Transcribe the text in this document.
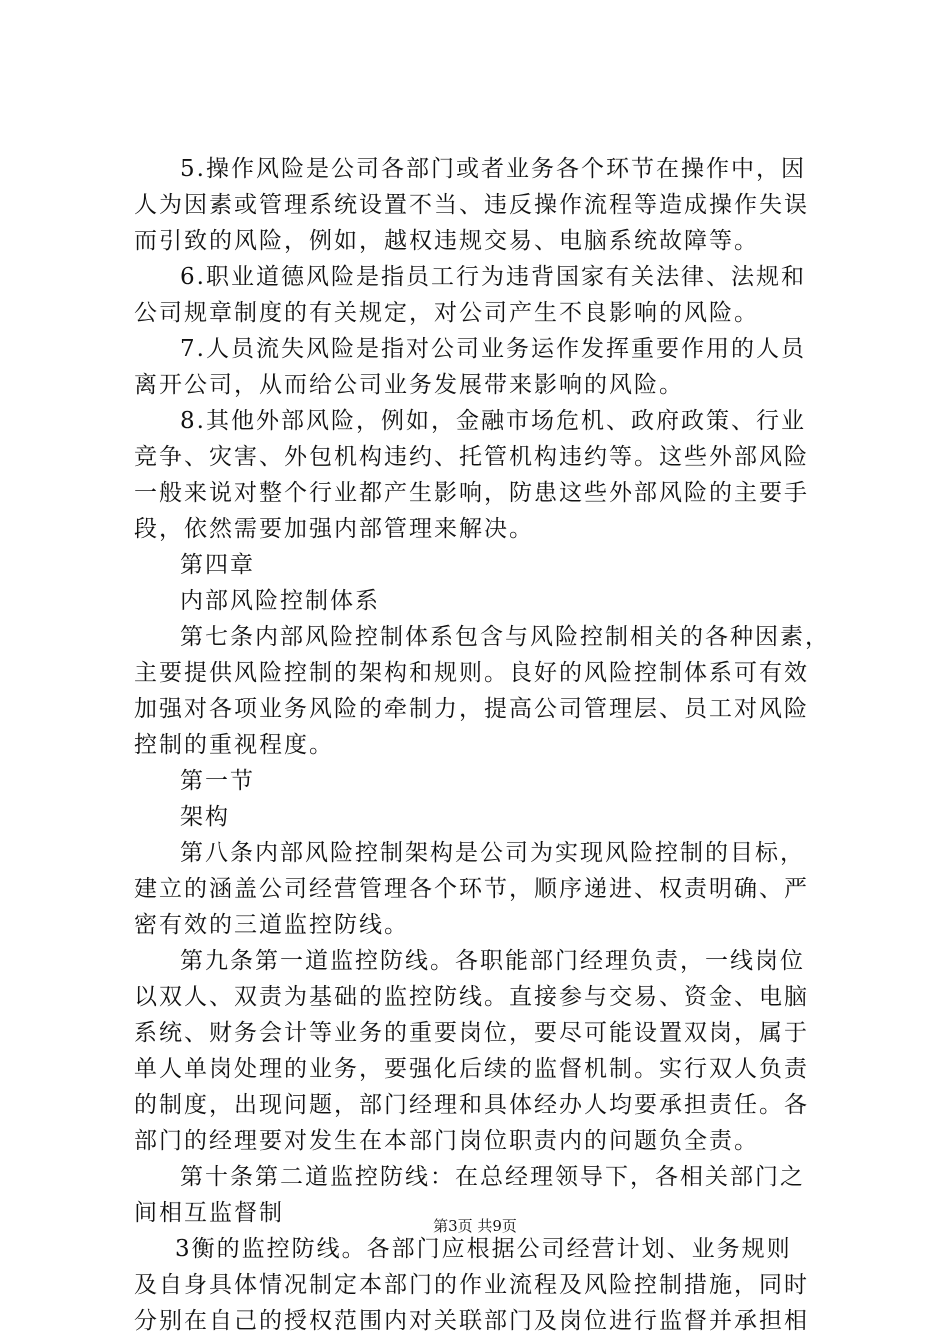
5.操作风险是公司各部门或者业务各个环节在操作中，因
人为因素或管理系统设置不当、违反操作流程等造成操作失误
而引致的风险，例如，越权违规交易、电脑系统故障等。
6.职业道德风险是指员工行为违背国家有关法律、法规和
公司规章制度的有关规定，对公司产生不良影响的风险。
7.人员流失风险是指对公司业务运作发挥重要作用的人员
离开公司，从而给公司业务发展带来影响的风险。
8.其他外部风险，例如，金融市场危机、政府政策、行业
竞争、灾害、外包机构违约、托管机构违约等。这些外部风险
一般来说对整个行业都产生影响，防患这些外部风险的主要手
段，依然需要加强内部管理来解决。
第四章
内部风险控制体系
第七条内部风险控制体系包含与风险控制相关的各种因素，
主要提供风险控制的架构和规则。良好的风险控制体系可有效
加强对各项业务风险的牵制力，提高公司管理层、员工对风险
控制的重视程度。
第一节
架构
第八条内部风险控制架构是公司为实现风险控制的目标，
建立的涵盖公司经营管理各个环节，顺序递进、权责明确、严
密有效的三道监控防线。
第九条第一道监控防线。各职能部门经理负责，一线岗位
以双人、双责为基础的监控防线。直接参与交易、资金、电脑
系统、财务会计等业务的重要岗位，要尽可能设置双岗，属于
单人单岗处理的业务，要强化后续的监督机制。实行双人负责
的制度，出现问题，部门经理和具体经办人均要承担责任。各
部门的经理要对发生在本部门岗位职责内的问题负全责。
第十条第二道监控防线：在总经理领导下，各相关部门之
间相互监督制
3衡的监控防线。各部门应根据公司经营计划、业务规则
及自身具体情况制定本部门的作业流程及风险控制措施，同时
分别在自己的授权范围内对关联部门及岗位进行监督并承担相
第3页 共9页
